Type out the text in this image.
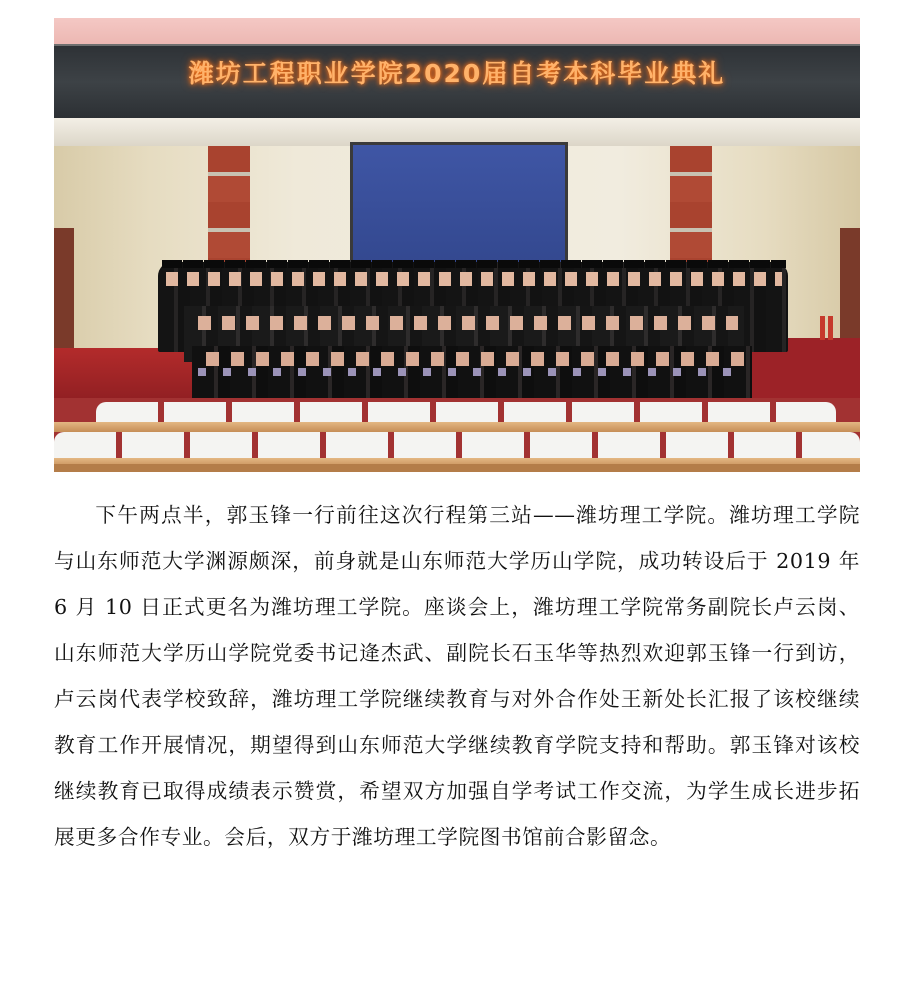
潍坊工程职业学院2020届自考本科毕业典礼

下午两点半，郭玉锋一行前往这次行程第三站——潍坊理工学院。潍坊理工学院与山东师范大学渊源颇深，前身就是山东师范大学历山学院，成功转设后于 2019 年 6 月 10 日正式更名为潍坊理工学院。座谈会上，潍坊理工学院常务副院长卢云岗、山东师范大学历山学院党委书记逄杰武、副院长石玉华等热烈欢迎郭玉锋一行到访，卢云岗代表学校致辞，潍坊理工学院继续教育与对外合作处王新处长汇报了该校继续教育工作开展情况，期望得到山东师范大学继续教育学院支持和帮助。郭玉锋对该校继续教育已取得成绩表示赞赏，希望双方加强自学考试工作交流，为学生成长进步拓展更多合作专业。会后，双方于潍坊理工学院图书馆前合影留念。
